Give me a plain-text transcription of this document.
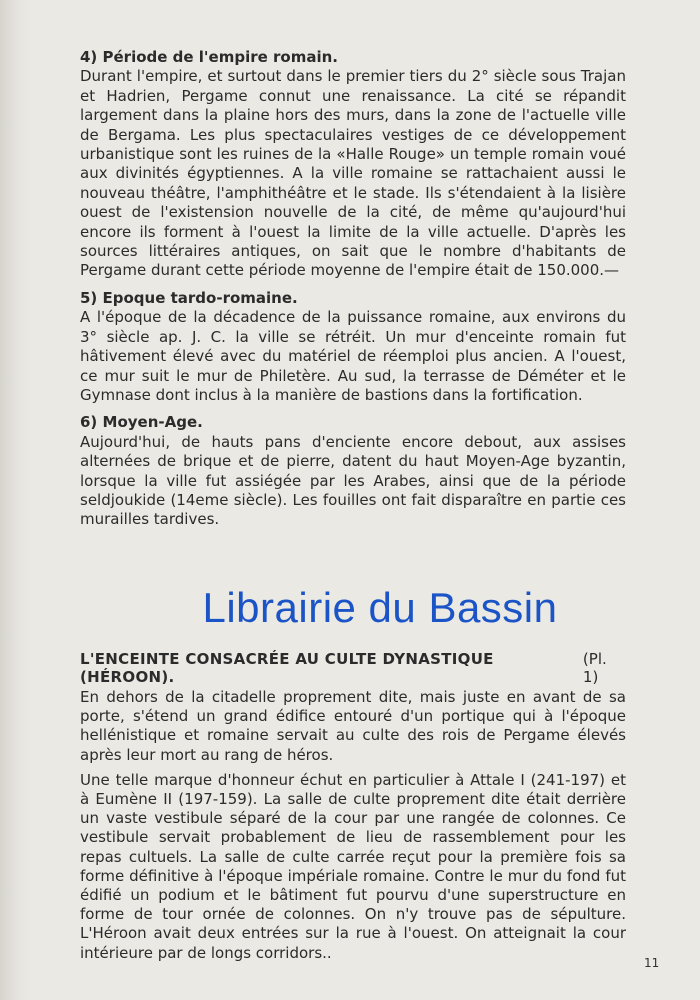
4) Période de l'empire romain.

Durant l'empire, et surtout dans le premier tiers du 2° siècle sous Trajan et Hadrien, Pergame connut une renaissance. La cité se répandit largement dans la plaine hors des murs, dans la zone de l'actuelle ville de Bergama. Les plus spectaculaires vestiges de ce développement urbanistique sont les ruines de la «Halle Rouge» un temple romain voué aux divinités égyptiennes. A la ville romaine se rattachaient aussi le nouveau théâtre, l'amphithéâtre et le stade. Ils s'étendaient à la lisière ouest de l'existension nouvelle de la cité, de même qu'aujourd'hui encore ils forment à l'ouest la limite de la ville actuelle. D'après les sources littéraires antiques, on sait que le nombre d'habitants de Pergame durant cette période moyenne de l'empire était de 150.000.—

5) Epoque tardo-romaine.

A l'époque de la décadence de la puissance romaine, aux environs du 3° siècle ap. J. C. la ville se rétréit. Un mur d'enceinte romain fut hâtivement élevé avec du matériel de réemploi plus ancien. A l'ouest, ce mur suit le mur de Philetère. Au sud, la terrasse de Déméter et le Gymnase dont inclus à la manière de bastions dans la fortification.

6) Moyen-Age.

Aujourd'hui, de hauts pans d'enciente encore debout, aux assises alternées de brique et de pierre, datent du haut Moyen-Age byzantin, lorsque la ville fut assiégée par les Arabes, ainsi que de la période seldjoukide (14eme siècle). Les fouilles ont fait disparaître en partie ces murailles tardives.

Librairie du Bassin
L'ENCEINTE CONSACRÉE AU CULTE DYNASTIQUE (HÉROON).
(Pl. 1)

En dehors de la citadelle proprement dite, mais juste en avant de sa porte, s'étend un grand édifice entouré d'un portique qui à l'époque hellénistique et romaine servait au culte des rois de Pergame élevés après leur mort au rang de héros.

Une telle marque d'honneur échut en particulier à Attale I (241-197) et à Eumène II (197-159). La salle de culte proprement dite était derrière un vaste vestibule séparé de la cour par une rangée de colonnes. Ce vestibule servait probablement de lieu de rassemblement pour les repas cultuels. La salle de culte carrée reçut pour la première fois sa forme définitive à l'époque impériale romaine. Contre le mur du fond fut édifié un podium et le bâtiment fut pourvu d'une superstructure en forme de tour ornée de colonnes. On n'y trouve pas de sépulture. L'Héroon avait deux entrées sur la rue à l'ouest. On atteignait la cour intérieure par de longs corridors..

11
